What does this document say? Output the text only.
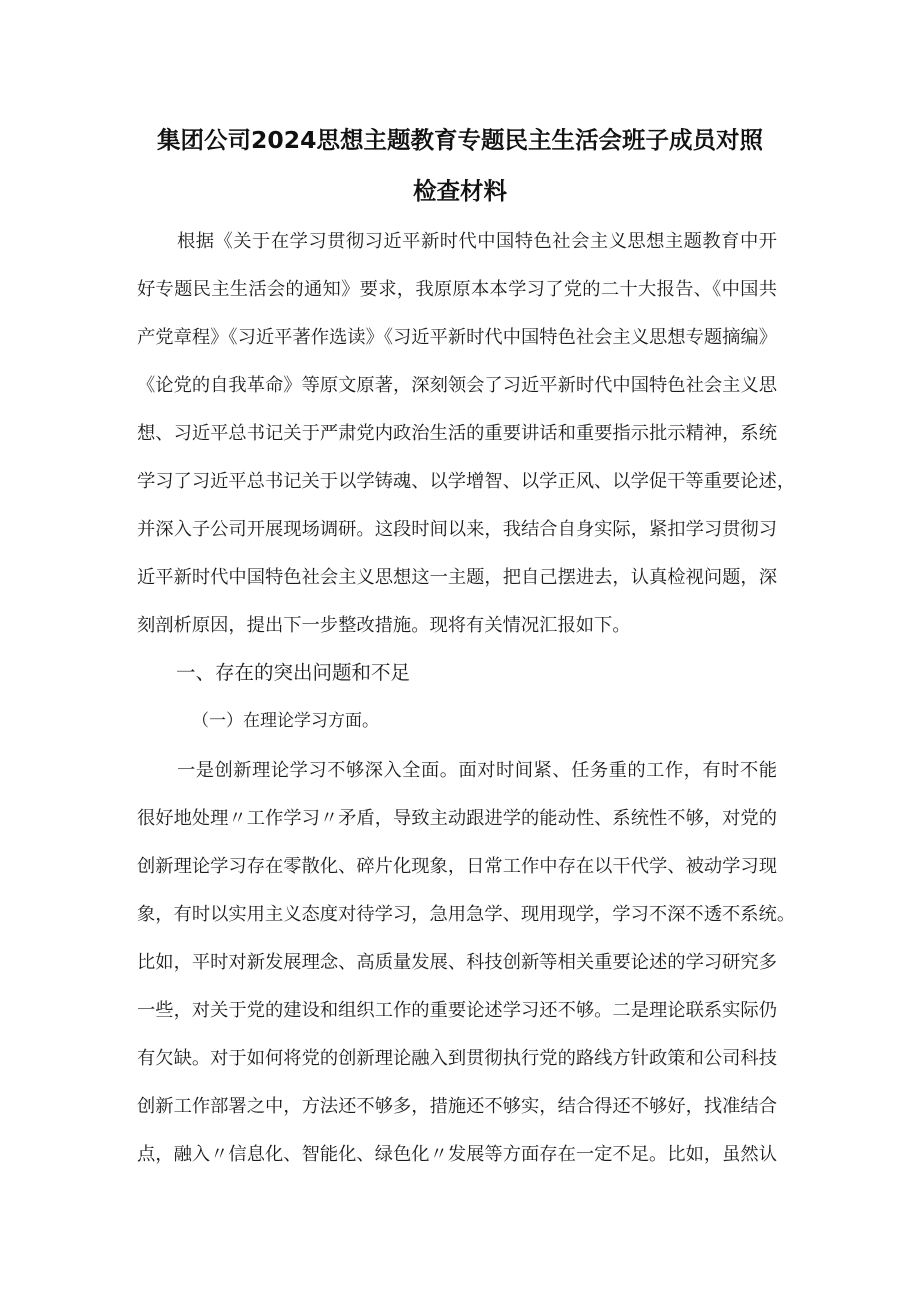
集团公司2024思想主题教育专题民主生活会班子成员对照
检查材料
根据《关于在学习贯彻习近平新时代中国特色社会主义思想主题教育中开
好专题民主生活会的通知》要求，我原原本本学习了党的二十大报告、《中国共
产党章程》《习近平著作选读》《习近平新时代中国特色社会主义思想专题摘编》
《论党的自我革命》等原文原著，深刻领会了习近平新时代中国特色社会主义思
想、习近平总书记关于严肃党内政治生活的重要讲话和重要指示批示精神，系统
学习了习近平总书记关于以学铸魂、以学增智、以学正风、以学促干等重要论述，
并深入子公司开展现场调研。这段时间以来，我结合自身实际，紧扣学习贯彻习
近平新时代中国特色社会主义思想这一主题，把自己摆进去，认真检视问题，深
刻剖析原因，提出下一步整改措施。现将有关情况汇报如下。
一、存在的突出问题和不足
（一）在理论学习方面。
一是创新理论学习不够深入全面。面对时间紧、任务重的工作，有时不能
很好地处理〃工作学习〃矛盾，导致主动跟进学的能动性、系统性不够，对党的
创新理论学习存在零散化、碎片化现象，日常工作中存在以干代学、被动学习现
象，有时以实用主义态度对待学习，急用急学、现用现学，学习不深不透不系统。
比如，平时对新发展理念、高质量发展、科技创新等相关重要论述的学习研究多
一些，对关于党的建设和组织工作的重要论述学习还不够。二是理论联系实际仍
有欠缺。对于如何将党的创新理论融入到贯彻执行党的路线方针政策和公司科技
创新工作部署之中，方法还不够多，措施还不够实，结合得还不够好，找准结合
点，融入〃信息化、智能化、绿色化〃发展等方面存在一定不足。比如，虽然认
